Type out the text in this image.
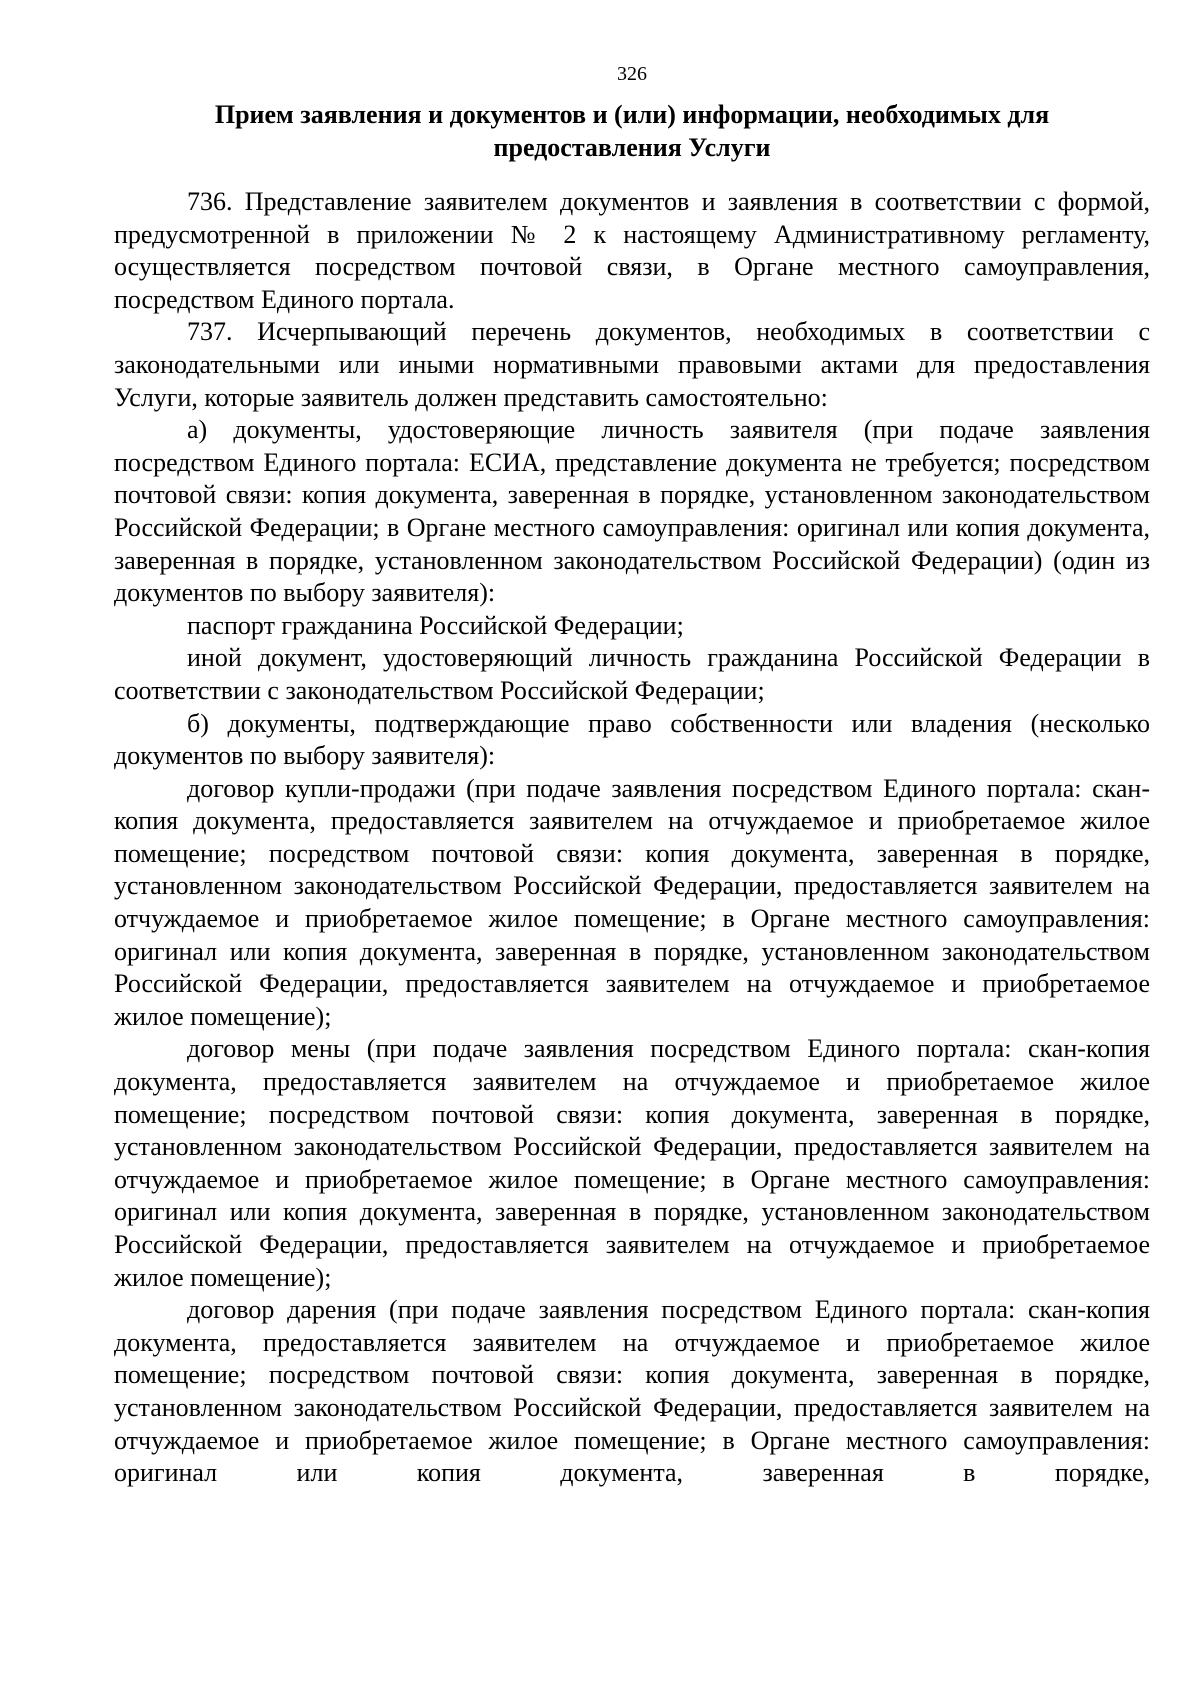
326
Прием заявления и документов и (или) информации, необходимых для
предоставления Услуги

736. Представление заявителем документов и заявления в соответствии с формой, предусмотренной в приложении № 2 к настоящему Административному регламенту, осуществляется посредством почтовой связи, в Органе местного самоуправления, посредством Единого портала.

737. Исчерпывающий перечень документов, необходимых в соответствии с законодательными или иными нормативными правовыми актами для предоставления Услуги, которые заявитель должен представить самостоятельно:

а) документы, удостоверяющие личность заявителя (при подаче заявления посредством Единого портала: ЕСИА, представление документа не требуется; посредством почтовой связи: копия документа, заверенная в порядке, установленном законодательством Российской Федерации; в Органе местного самоуправления: оригинал или копия документа, заверенная в порядке, установленном законодательством Российской Федерации) (один из документов по выбору заявителя):

паспорт гражданина Российской Федерации;

иной документ, удостоверяющий личность гражданина Российской Федерации в соответствии с законодательством Российской Федерации;

б) документы, подтверждающие право собственности или владения (несколько документов по выбору заявителя):

договор купли-продажи (при подаче заявления посредством Единого портала: скан-копия документа, предоставляется заявителем на отчуждаемое и приобретаемое жилое помещение; посредством почтовой связи: копия документа, заверенная в порядке, установленном законодательством Российской Федерации, предоставляется заявителем на отчуждаемое и приобретаемое жилое помещение; в Органе местного самоуправления: оригинал или копия документа, заверенная в порядке, установленном законодательством Российской Федерации, предоставляется заявителем на отчуждаемое и приобретаемое жилое помещение);

договор мены (при подаче заявления посредством Единого портала: скан-копия документа, предоставляется заявителем на отчуждаемое и приобретаемое жилое помещение; посредством почтовой связи: копия документа, заверенная в порядке, установленном законодательством Российской Федерации, предоставляется заявителем на отчуждаемое и приобретаемое жилое помещение; в Органе местного самоуправления: оригинал или копия документа, заверенная в порядке, установленном законодательством Российской Федерации, предоставляется заявителем на отчуждаемое и приобретаемое жилое помещение);

договор дарения (при подаче заявления посредством Единого портала: скан-копия документа, предоставляется заявителем на отчуждаемое и приобретаемое жилое помещение; посредством почтовой связи: копия документа, заверенная в порядке, установленном законодательством Российской Федерации, предоставляется заявителем на отчуждаемое и приобретаемое жилое помещение; в Органе местного самоуправления: оригинал или копия документа, заверенная в порядке,
